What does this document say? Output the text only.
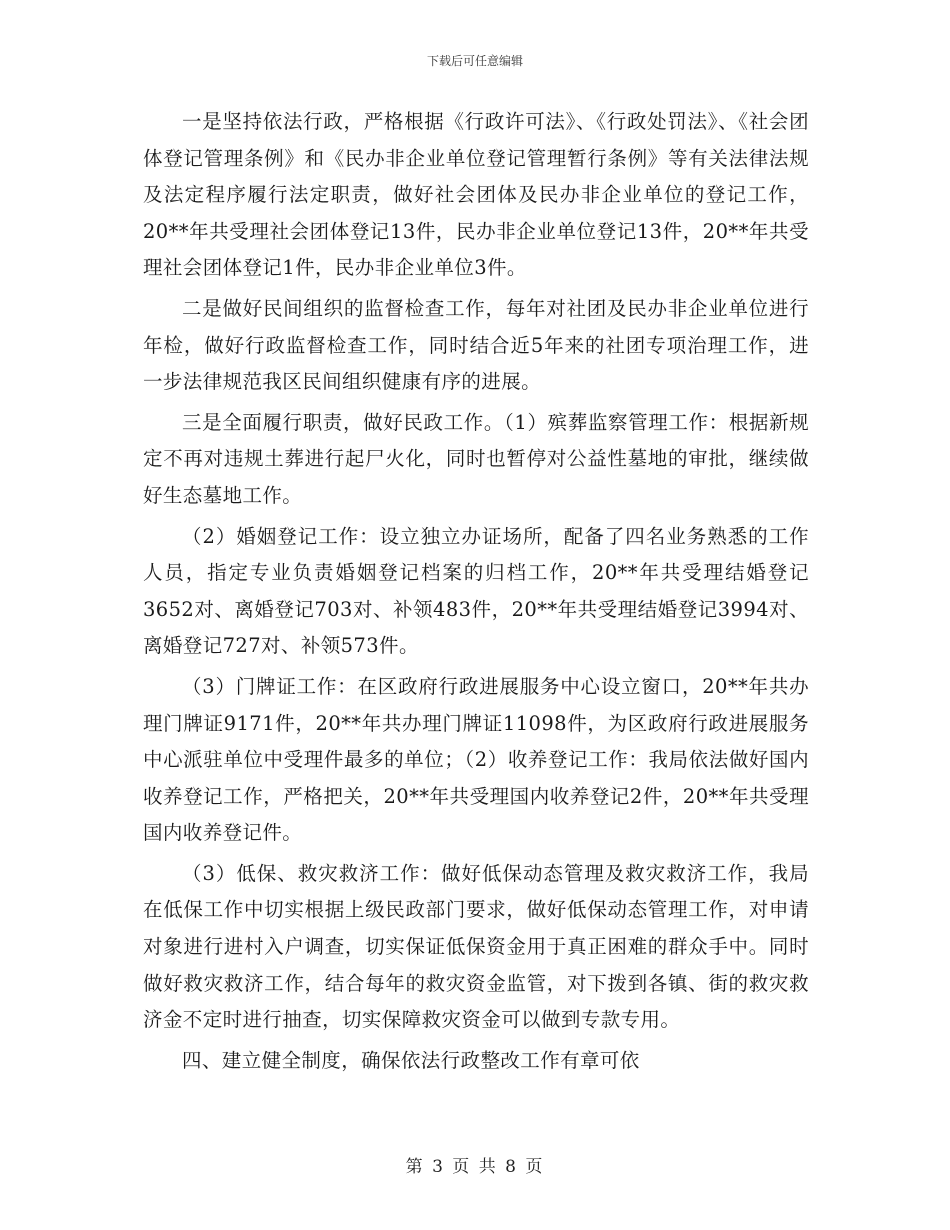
下载后可任意编辑

一是坚持依法行政，严格根据《行政许可法》、《行政处罚法》、《社会团体登记管理条例》和《民办非企业单位登记管理暂行条例》等有关法律法规及法定程序履行法定职责，做好社会团体及民办非企业单位的登记工作，20**年共受理社会团体登记13件，民办非企业单位登记13件，20**年共受理社会团体登记1件，民办非企业单位3件。

二是做好民间组织的监督检查工作，每年对社团及民办非企业单位进行年检，做好行政监督检查工作，同时结合近5年来的社团专项治理工作，进一步法律规范我区民间组织健康有序的进展。

三是全面履行职责，做好民政工作。（1）殡葬监察管理工作：根据新规定不再对违规土葬进行起尸火化，同时也暂停对公益性墓地的审批，继续做好生态墓地工作。

（2）婚姻登记工作：设立独立办证场所，配备了四名业务熟悉的工作人员，指定专业负责婚姻登记档案的归档工作，20**年共受理结婚登记3652对、离婚登记703对、补领483件，20**年共受理结婚登记3994对、离婚登记727对、补领573件。

（3）门牌证工作：在区政府行政进展服务中心设立窗口，20**年共办理门牌证9171件，20**年共办理门牌证11098件，为区政府行政进展服务中心派驻单位中受理件最多的单位；（2）收养登记工作：我局依法做好国内收养登记工作，严格把关，20**年共受理国内收养登记2件，20**年共受理国内收养登记件。

（3）低保、救灾救济工作：做好低保动态管理及救灾救济工作，我局在低保工作中切实根据上级民政部门要求，做好低保动态管理工作，对申请对象进行进村入户调查，切实保证低保资金用于真正困难的群众手中。同时做好救灾救济工作，结合每年的救灾资金监管，对下拨到各镇、街的救灾救济金不定时进行抽查，切实保障救灾资金可以做到专款专用。

四、建立健全制度，确保依法行政整改工作有章可依

第 3 页 共 8 页
